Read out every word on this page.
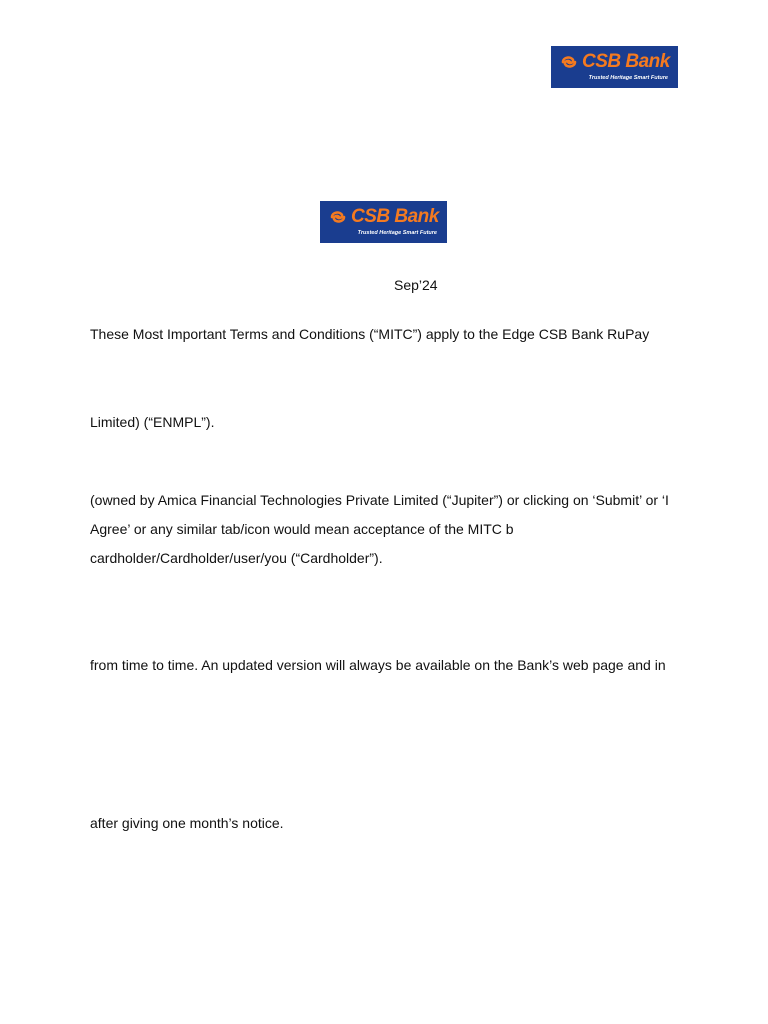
CSB Bank
Trusted Heritage Smart Future
CSB Bank
Trusted Heritage Smart Future
Sep’24
These Most Important Terms and Conditions (“MITC”) apply to the Edge CSB Bank RuPay
Limited) (“ENMPL”).
(owned by Amica Financial Technologies Private Limited (“Jupiter”) or clicking on ‘Submit’ or ‘I
Agree’ or any similar tab/icon would mean acceptance of the MITC b
cardholder/Cardholder/user/you (“Cardholder”).
from time to time. An updated version will always be available on the Bank’s web page and in
after giving one month’s notice.
